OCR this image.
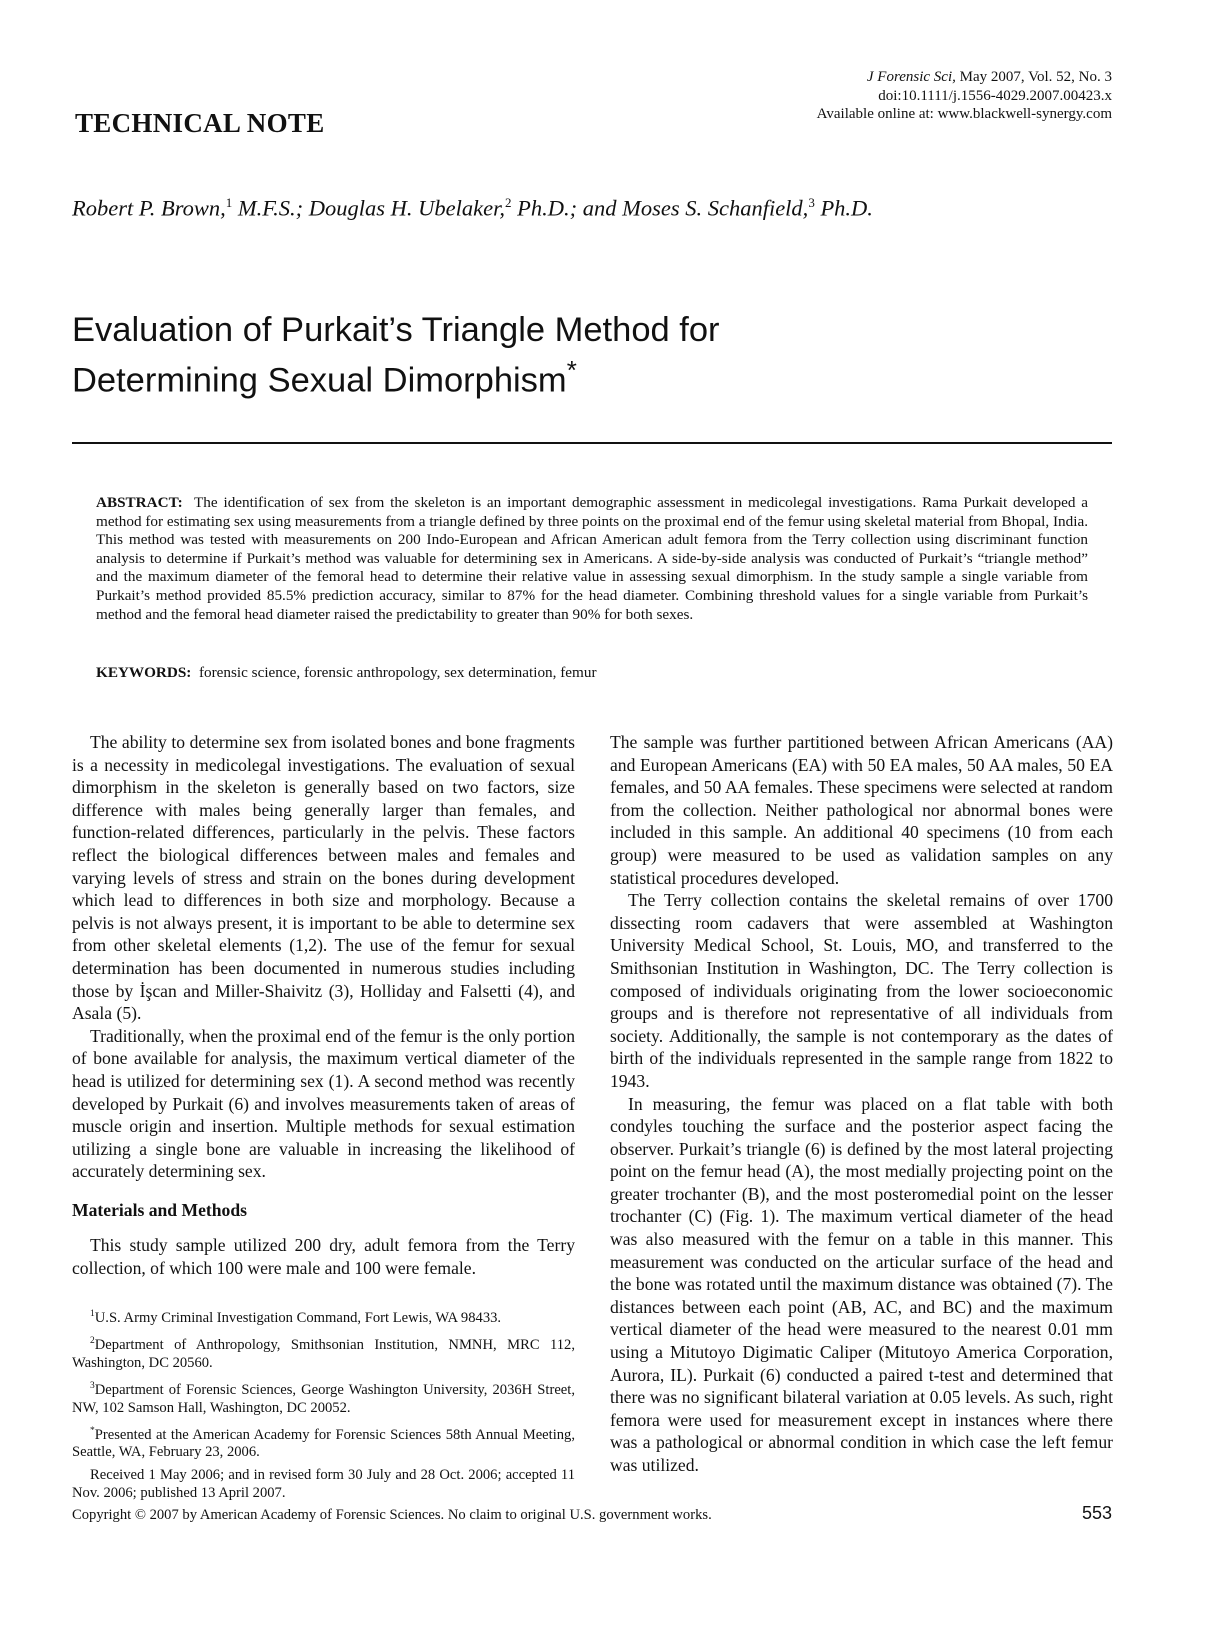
TECHNICAL NOTE
J Forensic Sci, May 2007, Vol. 52, No. 3
doi:10.1111/j.1556-4029.2007.00423.x
Available online at: www.blackwell-synergy.com
Robert P. Brown,$^1$ M.F.S.; Douglas H. Ubelaker,$^2$ Ph.D.; and Moses S. Schanfield,$^3$ Ph.D.
Evaluation of Purkait’s Triangle Method for
Determining Sexual Dimorphism*
ABSTRACT: The identification of sex from the skeleton is an important demographic assessment in medicolegal investigations. Rama Purkait developed a method for estimating sex using measurements from a triangle defined by three points on the proximal end of the femur using skeletal material from Bhopal, India. This method was tested with measurements on 200 Indo-European and African American adult femora from the Terry collection using discriminant function analysis to determine if Purkait’s method was valuable for determining sex in Americans. A side-by-side analysis was conducted of Purkait’s “triangle method” and the maximum diameter of the femoral head to determine their relative value in assessing sexual dimorphism. In the study sample a single variable from Purkait’s method provided 85.5% prediction accuracy, similar to 87% for the head diameter. Combining threshold values for a single variable from Purkait’s method and the femoral head diameter raised the predictability to greater than 90% for both sexes.
KEYWORDS: forensic science, forensic anthropology, sex determination, femur

The ability to determine sex from isolated bones and bone fragments is a necessity in medicolegal investigations. The evaluation of sexual dimorphism in the skeleton is generally based on two factors, size difference with males being generally larger than females, and function-related differences, particularly in the pelvis. These factors reflect the biological differences between males and females and varying levels of stress and strain on the bones during development which lead to differences in both size and morphology. Because a pelvis is not always present, it is important to be able to determine sex from other skeletal elements (1,2). The use of the femur for sexual determination has been documented in numerous studies including those by İşcan and Miller-Shaivitz (3), Holliday and Falsetti (4), and Asala (5).

Traditionally, when the proximal end of the femur is the only portion of bone available for analysis, the maximum vertical diameter of the head is utilized for determining sex (1). A second method was recently developed by Purkait (6) and involves measurements taken of areas of muscle origin and insertion. Multiple methods for sexual estimation utilizing a single bone are valuable in increasing the likelihood of accurately determining sex.

Materials and Methods

This study sample utilized 200 dry, adult femora from the Terry collection, of which 100 were male and 100 were female.

$^1$U.S. Army Criminal Investigation Command, Fort Lewis, WA 98433.

$^2$Department of Anthropology, Smithsonian Institution, NMNH, MRC 112, Washington, DC 20560.

$^3$Department of Forensic Sciences, George Washington University, 2036H Street, NW, 102 Samson Hall, Washington, DC 20052.

*Presented at the American Academy for Forensic Sciences 58th Annual Meeting, Seattle, WA, February 23, 2006.

Received 1 May 2006; and in revised form 30 July and 28 Oct. 2006; accepted 11 Nov. 2006; published 13 April 2007.

The sample was further partitioned between African Americans (AA) and European Americans (EA) with 50 EA males, 50 AA males, 50 EA females, and 50 AA females. These specimens were selected at random from the collection. Neither pathological nor abnormal bones were included in this sample. An additional 40 specimens (10 from each group) were measured to be used as validation samples on any statistical procedures developed.

The Terry collection contains the skeletal remains of over 1700 dissecting room cadavers that were assembled at Washington University Medical School, St. Louis, MO, and transferred to the Smithsonian Institution in Washington, DC. The Terry collection is composed of individuals originating from the lower socioeconomic groups and is therefore not representative of all individuals from society. Additionally, the sample is not contemporary as the dates of birth of the individuals represented in the sample range from 1822 to 1943.

In measuring, the femur was placed on a flat table with both condyles touching the surface and the posterior aspect facing the observer. Purkait’s triangle (6) is defined by the most lateral projecting point on the femur head (A), the most medially projecting point on the greater trochanter (B), and the most posteromedial point on the lesser trochanter (C) (Fig. 1). The maximum vertical diameter of the head was also measured with the femur on a table in this manner. This measurement was conducted on the articular surface of the head and the bone was rotated until the maximum distance was obtained (7). The distances between each point (AB, AC, and BC) and the maximum vertical diameter of the head were measured to the nearest 0.01 mm using a Mitutoyo Digimatic Caliper (Mitutoyo America Corporation, Aurora, IL). Purkait (6) conducted a paired t-test and determined that there was no significant bilateral variation at 0.05 levels. As such, right femora were used for measurement except in instances where there was a pathological or abnormal condition in which case the left femur was utilized.

Copyright © 2007 by American Academy of Forensic Sciences. No claim to original U.S. government works.	553
